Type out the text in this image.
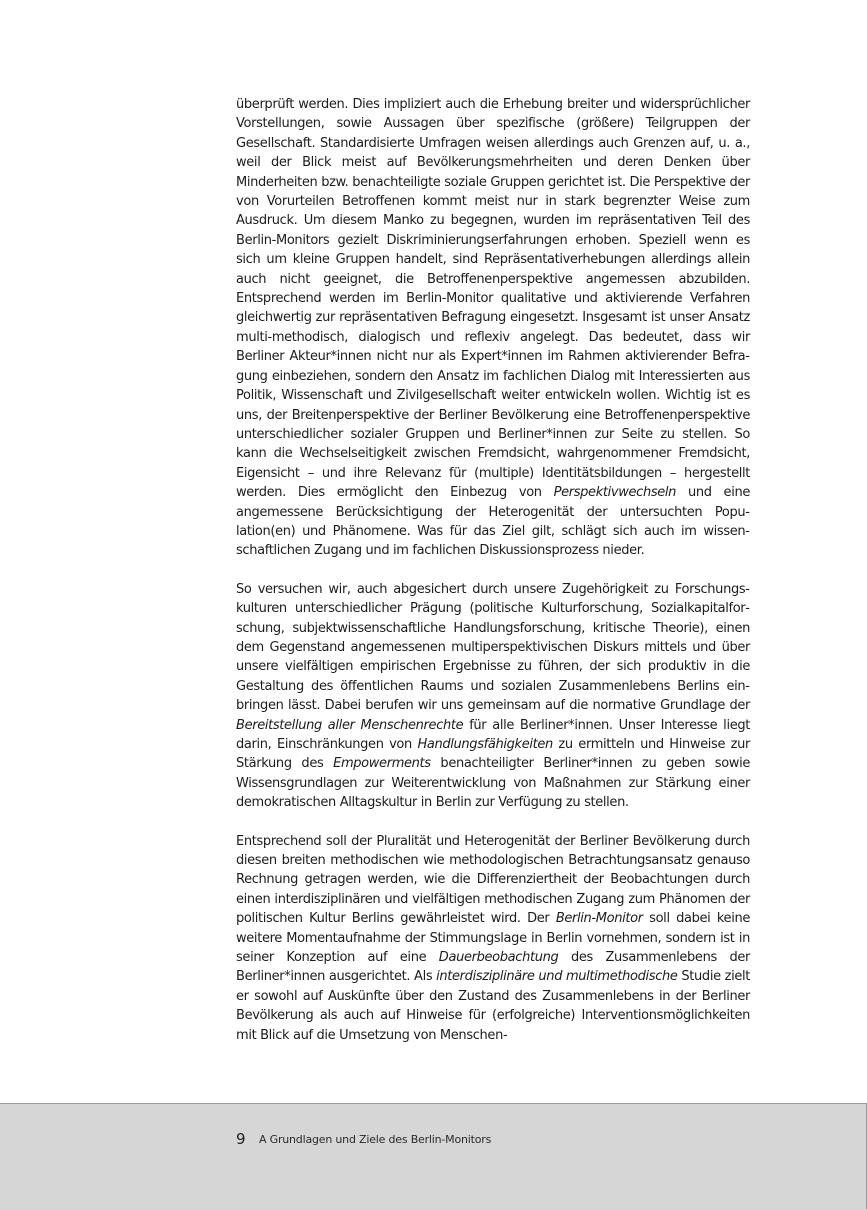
überprüft werden. Dies impliziert auch die Erhebung breiter und widersprüchlicher Vorstellungen, sowie Aussagen über spezifische (größere) Teilgruppen der Gesellschaft. Standardisierte Umfragen weisen allerdings auch Grenzen auf, u. a., weil der Blick meist auf Bevölkerungsmehrheiten und deren Denken über Minderheiten bzw. benachteiligte soziale Gruppen gerichtet ist. Die Perspektive der von Vorurteilen Betroffenen kommt meist nur in stark begrenzter Weise zum Ausdruck. Um diesem Manko zu begegnen, wurden im repräsentativen Teil des Berlin-Monitors gezielt Diskriminierungserfahrungen erhoben. Speziell wenn es sich um kleine Gruppen handelt, sind Repräsentativerhebungen allerdings allein auch nicht geeignet, die Betroffenenperspektive angemessen abzubilden. Entsprechend werden im Berlin-Monitor qualitative und aktivierende Verfahren gleichwertig zur repräsentativen Befragung eingesetzt. Insgesamt ist unser Ansatz multi-methodisch, dialogisch und reflexiv angelegt. Das bedeutet, dass wir Berliner Akteur*innen nicht nur als Expert*innen im Rahmen aktivierender Befragung einbeziehen, sondern den Ansatz im fachlichen Dialog mit Interessierten aus Politik, Wissenschaft und Zivilgesellschaft weiter entwickeln wollen. Wichtig ist es uns, der Breitenperspektive der Berliner Bevölkerung eine Betroffenenperspektive unterschiedlicher sozialer Gruppen und Berliner*innen zur Seite zu stellen. So kann die Wechselseitigkeit zwischen Fremdsicht, wahrgenommener Fremdsicht, Eigensicht – und ihre Relevanz für (multiple) Identitätsbildungen – hergestellt werden. Dies ermöglicht den Einbezug von Perspektivwechseln und eine angemessene Berücksichtigung der Heterogenität der untersuchten Population(en) und Phänomene. Was für das Ziel gilt, schlägt sich auch im wissenschaftlichen Zugang und im fachlichen Diskussionsprozess nieder.

So versuchen wir, auch abgesichert durch unsere Zugehörigkeit zu Forschungskulturen unterschiedlicher Prägung (politische Kulturforschung, Sozialkapitalforschung, subjektwissenschaftliche Handlungsforschung, kritische Theorie), einen dem Gegenstand angemessenen multiperspektivischen Diskurs mittels und über unsere vielfältigen empirischen Ergebnisse zu führen, der sich produktiv in die Gestaltung des öffentlichen Raums und sozialen Zusammenlebens Berlins einbringen lässt. Dabei berufen wir uns gemeinsam auf die normative Grundlage der Bereitstellung aller Menschenrechte für alle Berliner*innen. Unser Interesse liegt darin, Einschränkungen von Handlungsfähigkeiten zu ermitteln und Hinweise zur Stärkung des Empowerments benachteiligter Berliner*innen zu geben sowie Wissensgrundlagen zur Weiterentwicklung von Maßnahmen zur Stärkung einer demokratischen Alltagskultur in Berlin zur Verfügung zu stellen.

Entsprechend soll der Pluralität und Heterogenität der Berliner Bevölkerung durch diesen breiten methodischen wie methodologischen Betrachtungsansatz genauso Rechnung getragen werden, wie die Differenziertheit der Beobachtungen durch einen interdisziplinären und vielfältigen methodischen Zugang zum Phänomen der politischen Kultur Berlins gewährleistet wird. Der Berlin-Monitor soll dabei keine weitere Momentaufnahme der Stimmungslage in Berlin vornehmen, sondern ist in seiner Konzeption auf eine Dauerbeobachtung des Zusammenlebens der Berliner*innen ausgerichtet. Als interdisziplinäre und multimethodische Studie zielt er sowohl auf Auskünfte über den Zustand des Zusammenlebens in der Berliner Bevölkerung als auch auf Hinweise für (erfolgreiche) Interventionsmöglichkeiten mit Blick auf die Umsetzung von Menschen-

9 A Grundlagen und Ziele des Berlin-Monitors
